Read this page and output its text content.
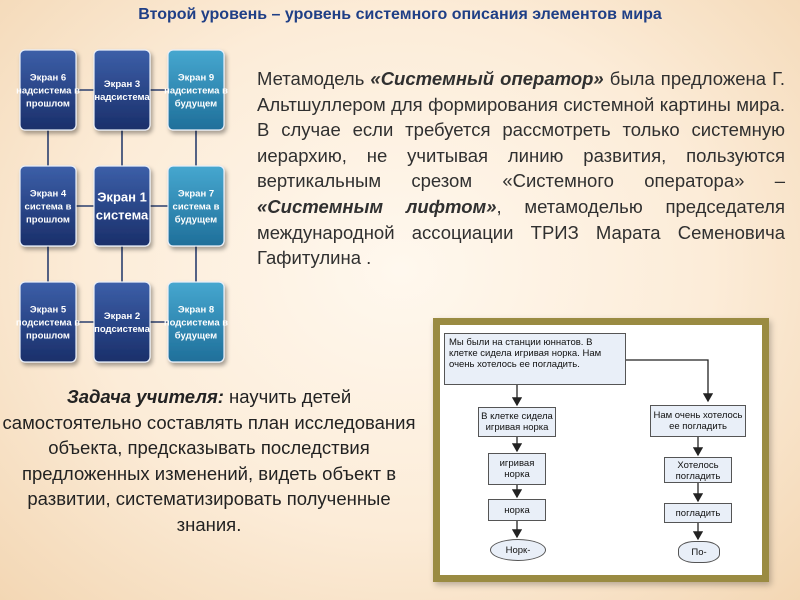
Второй уровень – уровень системного описания элементов мира
Экран 6
надсистема в
прошлом
Экран 3
надсистема
Экран 9
надсистема в
будущем
Экран 4
система в
прошлом
Экран 1
система
Экран 7
система в
будущем
Экран 5
подсистема в
прошлом
Экран 2
подсистема
Экран 8
подсистема в
будущем
Метамодель «Системный оператор» была предложена Г. Альтшуллером для формирования системной картины мира. В случае если требуется рассмотреть только системную иерархию, не учитывая линию развития, пользуются вертикальным срезом «Системного оператора» – «Системным лифтом», метамоделью председателя международной ассоциации ТРИЗ Марата Семеновича Гафитулина .
Задача учителя: научить детей самостоятельно составлять план исследования объекта, предсказывать последствия предложенных изменений, видеть объект в развитии, систематизировать полученные знания.
Мы были на станции юннатов. В клетке сидела игривая норка. Нам очень хотелось ее погладить.
В клетке сидела игривая норка
игривая норка
норка
Норк-
Нам очень хотелось ее погладить
Хотелось погладить
погладить
По-
